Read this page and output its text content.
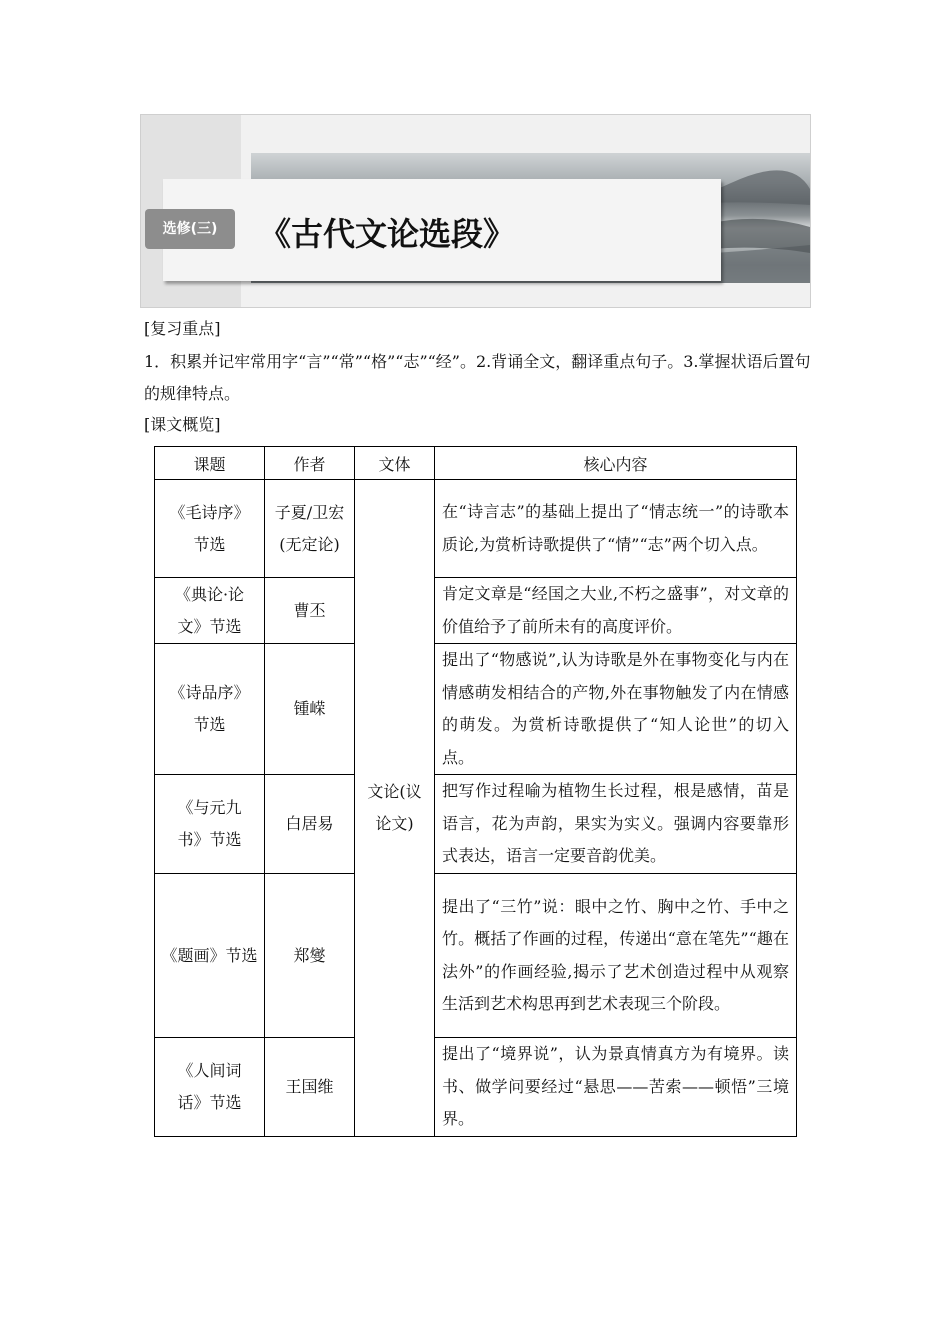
选修(三)	《古代文论选段》
[复习重点]
1．积累并记牢常用字“言”“常”“格”“志”“经”。2.背诵全文，翻译重点句子。3.掌握状语后置句的规律特点。
[课文概览]
课题	作者	文体	核心内容
《毛诗序》节选	子夏/卫宏(无定论)	文论(议论文)	在“诗言志”的基础上提出了“情志统一”的诗歌本质论,为赏析诗歌提供了“情”“志”两个切入点。
《典论·论文》节选	曹丕		肯定文章是“经国之大业,不朽之盛事”，对文章的价值给予了前所未有的高度评价。
《诗品序》节选	锺嵘		提出了“物感说”,认为诗歌是外在事物变化与内在情感萌发相结合的产物,外在事物触发了内在情感的萌发。为赏析诗歌提供了“知人论世”的切入点。
《与元九书》节选	白居易		把写作过程喻为植物生长过程，根是感情，苗是语言，花为声韵，果实为实义。强调内容要靠形式表达，语言一定要音韵优美。
《题画》节选	郑燮		提出了“三竹”说：眼中之竹、胸中之竹、手中之竹。概括了作画的过程，传递出“意在笔先”“趣在法外”的作画经验,揭示了艺术创造过程中从观察生活到艺术构思再到艺术表现三个阶段。
《人间词话》节选	王国维		提出了“境界说”，认为景真情真方为有境界。读书、做学问要经过“悬思——苦索——顿悟”三境界。
